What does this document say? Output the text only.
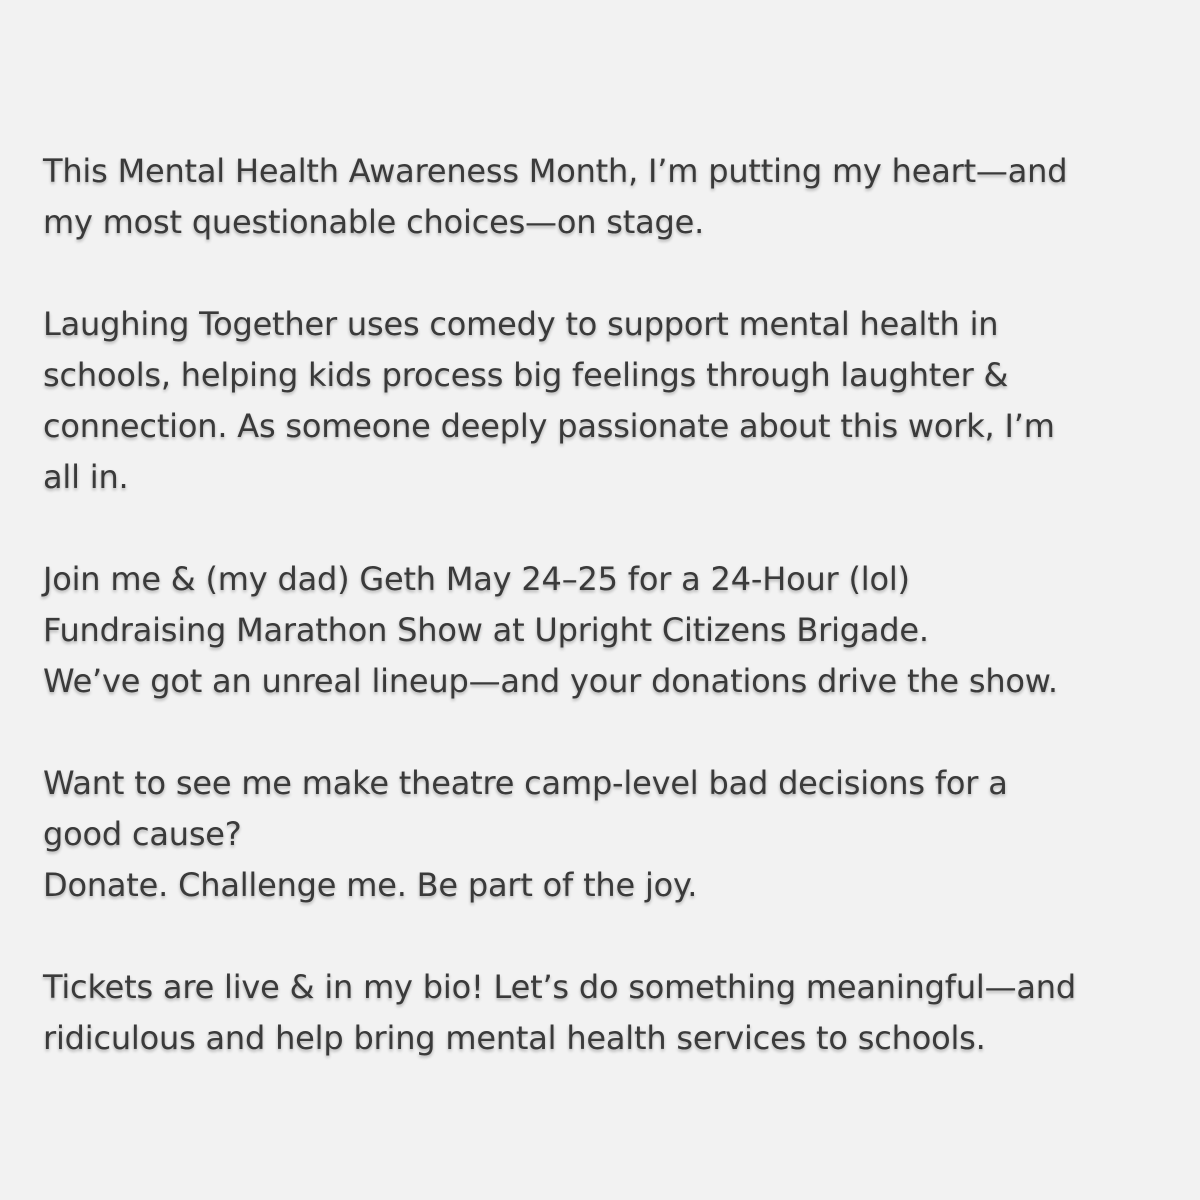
This Mental Health Awareness Month, I’m putting my heart—and
my most questionable choices—on stage.

Laughing Together uses comedy to support mental health in
schools, helping kids process big feelings through laughter &
connection. As someone deeply passionate about this work, I’m
all in.

Join me & (my dad) Geth May 24–25 for a 24-Hour (lol)
Fundraising Marathon Show at Upright Citizens Brigade.
We’ve got an unreal lineup—and your donations drive the show.

Want to see me make theatre camp-level bad decisions for a
good cause?
Donate. Challenge me. Be part of the joy.

Tickets are live & in my bio! Let’s do something meaningful—and
ridiculous and help bring mental health services to schools.
